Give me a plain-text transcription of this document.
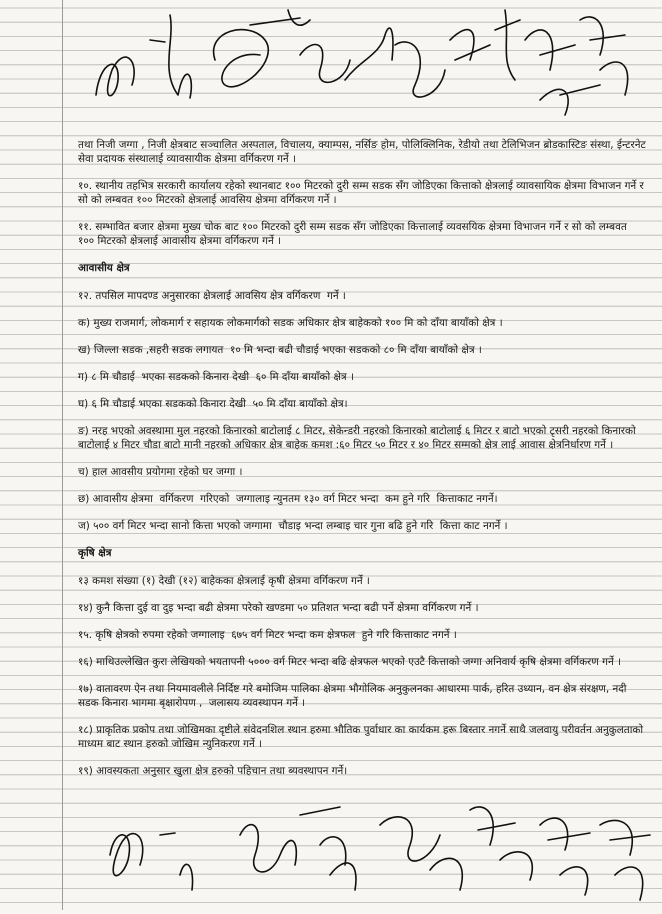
तथा निजी जग्गा , निजी क्षेत्रबाट सञ्चालित अस्पताल, विचालय, क्याम्पस, नर्सिङ होम, पोलिक्लिनिक, रेडीयो तथा टेलिभिजन ब्रोडकास्टिङ संस्था, ईन्टरनेट सेवा प्रदायक संस्थालाई व्यावसायीक क्षेत्रमा वर्गिकरण गर्ने ।

१०. स्थानीय तहभित्र सरकारी कार्यालय रहेको स्थानबाट १०० मिटरको दुरी सम्म सडक सँग जोडिएका कित्ताको क्षेत्रलाई व्यावसायिक क्षेत्रमा विभाजन गर्ने र सो को लम्बवत १०० मिटरको क्षेत्रलाई आवसिय क्षेत्रमा वर्गिकरण गर्ने ।

११. सम्भावित बजार क्षेत्रमा मुख्य चोक बाट १०० मिटरको दुरी सम्म सडक सँग जोडिएका कित्तालाई व्यवसयिक क्षेत्रमा विभाजन गर्ने र सो को लम्बवत  १०० मिटरको क्षेत्रलाई आवासीय क्षेत्रमा वर्गिकरण गर्ने ।

आवासीय क्षेत्र

१२. तपसिल मापदण्ड अनुसारका क्षेत्रलाई आवसिय क्षेत्र वर्गिकरण  गर्ने ।

क) मुख्य राजमार्ग, लोकमार्ग र सहायक लोकमार्गको सडक अधिकार क्षेत्र बाहेकको १०० मि को दाँया बायाँको क्षेत्र ।

ख) जिल्ला सडक ,सहरी सडक लगायत  १० मि भन्दा बढी चौडाई भएका सडकको ८० मि दाँया बायाँको क्षेत्र ।

ग) ८ मि चौडाई  भएका सडकको किनारा देखी  ६० मि दाँया बायाँको क्षेत्र ।

घ) ६ मि चौडाई भएका सडकको किनारा देखी  ५० मि दाँया बायाँको क्षेत्र।

ङ) नरह भएको अवस्थामा मुल नहरको किनारको बाटोलाई ८ मिटर, सेकेन्डरी नहरको किनारको बाटोलाई ६ मिटर र बाटो भएको टृसरी नहरको किनारको बाटोलाई ४ मिटर चौडा बाटो मानी नहरको अधिकार क्षेत्र बाहेक कमश :६० मिटर ५० मिटर र ४० मिटर सम्मको क्षेत्र लाई आवास क्षेत्रनिर्धारण गर्ने ।

च) हाल आवसीय प्रयोगमा रहेको घर जग्गा ।

छ) आवासीय क्षेत्रमा  वर्गिकरण  गरिएको  जग्गालाइ न्युनतम १३० वर्ग मिटर भन्दा  कम हुने गरि  कित्ताकाट नगर्ने।

ज) ५०० वर्ग मिटर भन्दा सानो कित्ता भएको जग्गामा  चौडाइ भन्दा लम्बाइ चार गुना बढि हुने गरि  कित्ता काट नगर्ने ।

कृषि क्षेत्र

१३ कमश संख्या (१) देखी (१२) बाहेकका क्षेत्रलाई कृषी क्षेत्रमा वर्गिकरण गर्ने ।

१४) कुनै कित्ता दुई वा दुइ भन्दा बढी क्षेत्रमा परेको खण्डमा ५० प्रतिशत भन्दा बढी पर्ने क्षेत्रमा वर्गिकरण गर्ने ।

१५. कृषि क्षेत्रको रुपमा रहेको जग्गालाइ  ६७५ वर्ग मिटर भन्दा कम क्षेत्रफल  हुने गरि कित्ताकाट नगर्ने ।

१६) माथिउल्लेखित कुरा लेखियको भयतापनी ५००० वर्ग मिटर भन्दा बढि क्षेत्रफल भएको एउटै कित्ताको जग्गा अनिवार्य कृषि क्षेत्रमा वर्गिकरण गर्ने ।

१७) वातावरण ऐन तथा नियमावलीले निर्दिष्ट गरे बमोजिम पालिका क्षेत्रमा भौगोलिक अनुकुलनका आधारमा पार्क, हरित उध्यान, वन क्षेत्र संरक्षण, नदी सडक किनारा भागमा बृक्षारोपण ,  जलासय व्यवस्थापन गर्ने ।

१८) प्राकृतिक प्रकोप तथा जोखिमका दृष्टीले संवेदनशिल स्थान हरुमा भौतिक पुर्वाधार का कार्यकम हरू बिस्तार नगर्ने साथै जलवायु परीवर्तन अनुकुलताको माध्यम बाट स्थान हरुको जोखिम न्युनिकरण गर्ने ।

१९) आवस्यकता अनुसार खुला क्षेत्र हरुको पहिचान तथा ब्यवस्थापन गर्ने।
